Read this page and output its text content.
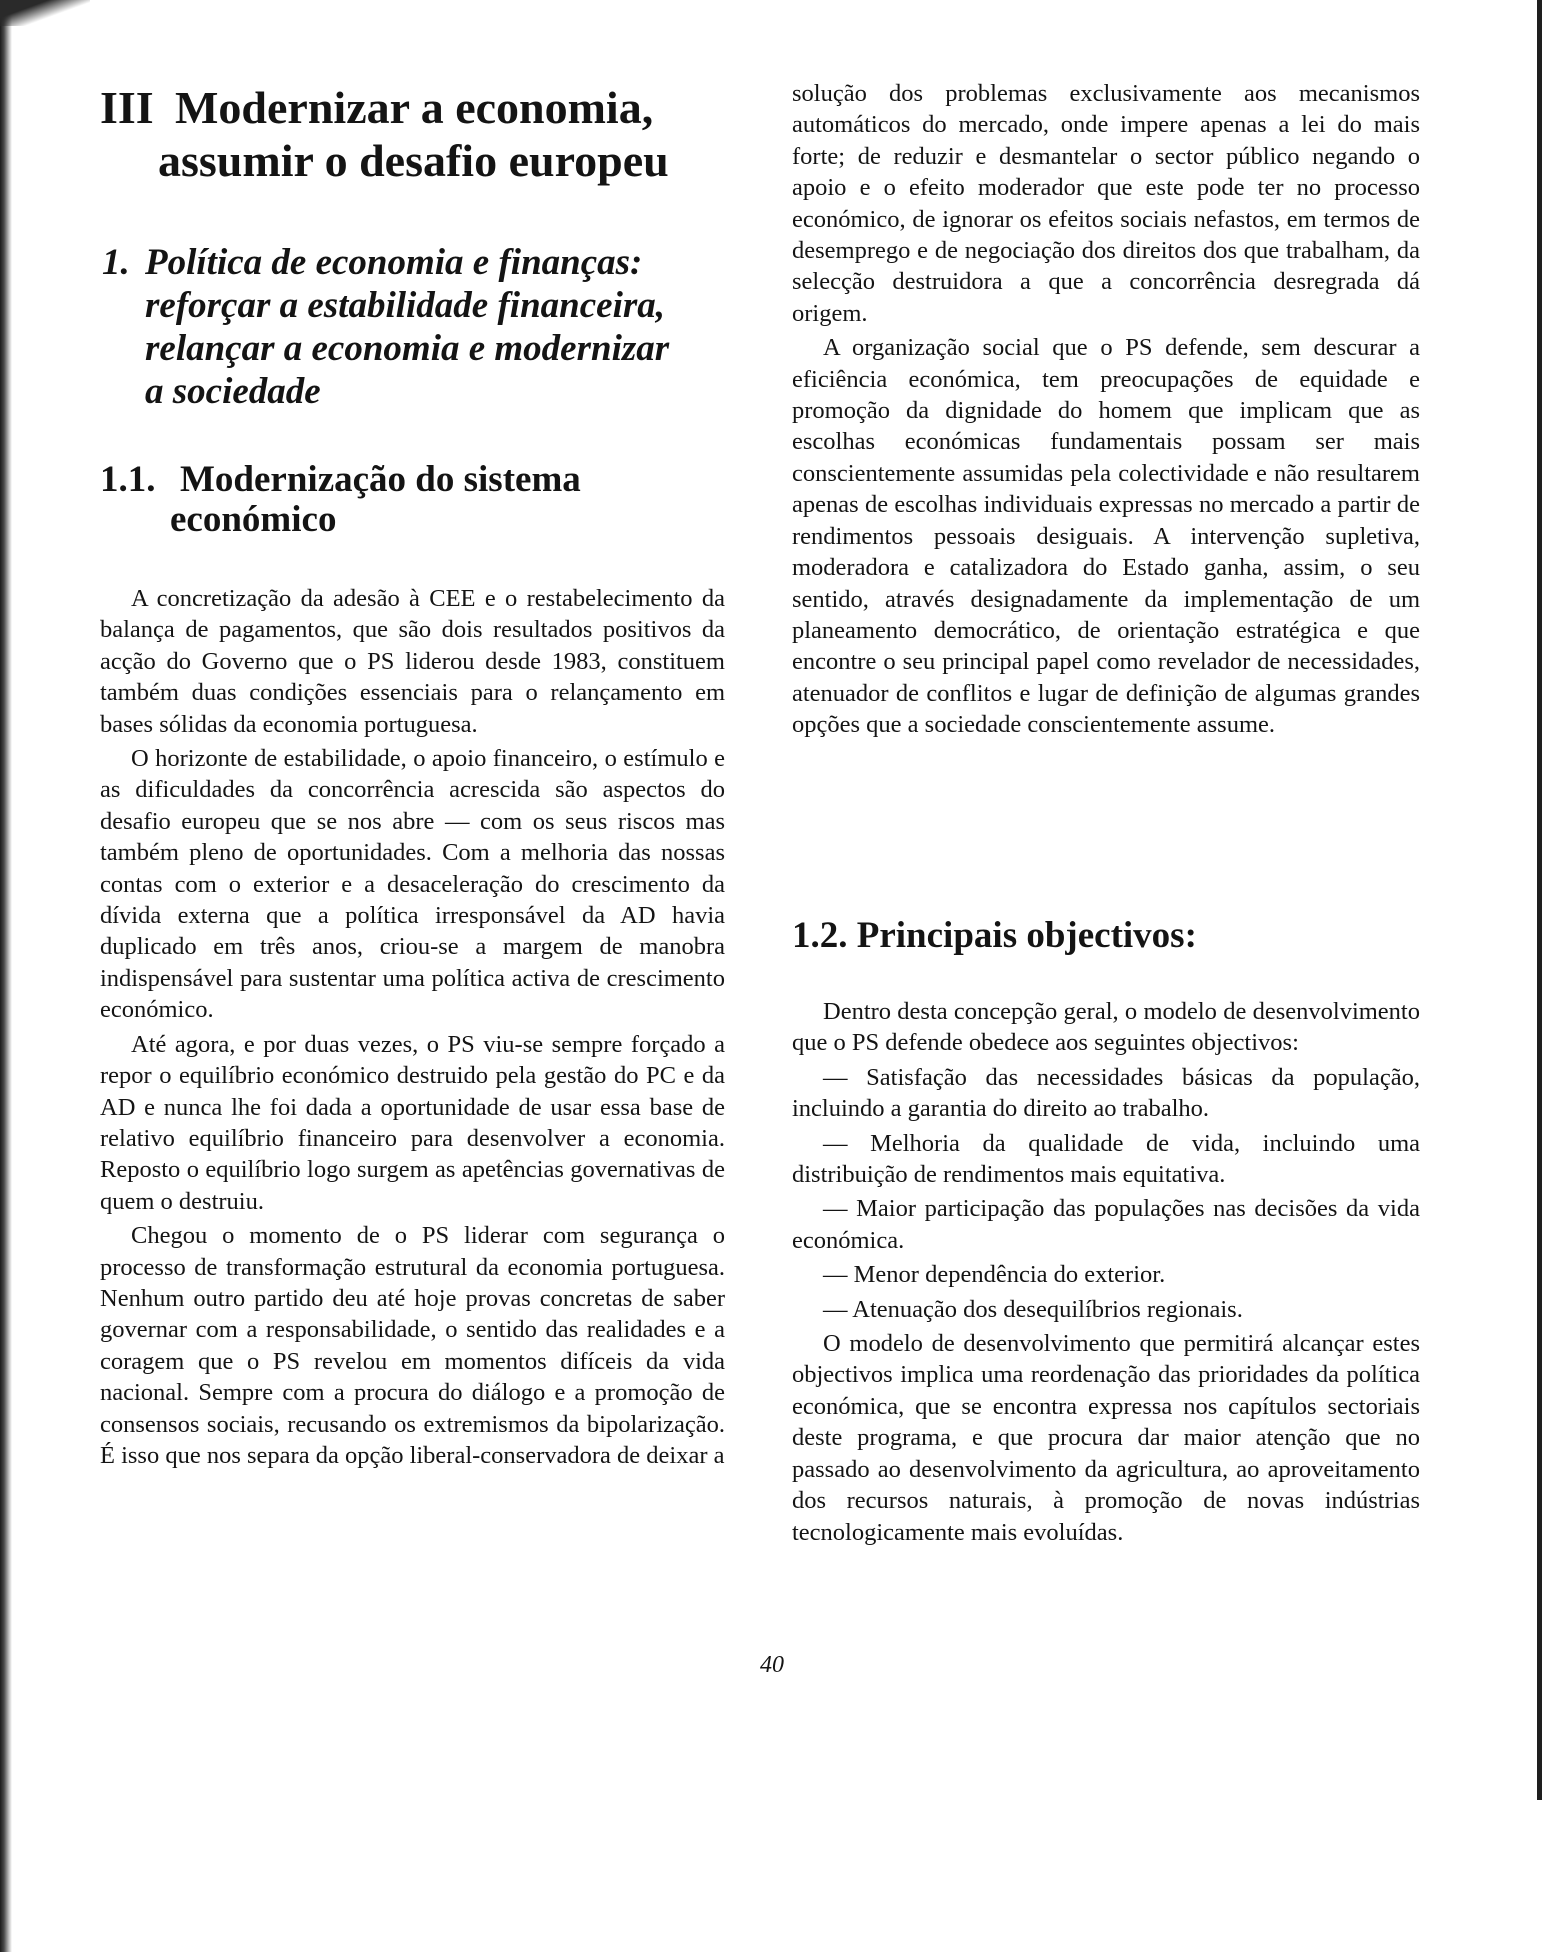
III Modernizar a economia,
assumir o desafio europeu
1. Política de economia e finanças:
reforçar a estabilidade financeira,
relançar a economia e modernizar
a sociedade
1.1. Modernização do sistema
económico

A concretização da adesão à CEE e o restabelecimento da balança de pagamentos, que são dois resultados positivos da acção do Governo que o PS liderou desde 1983, constituem também duas condições essenciais para o relançamento em bases sólidas da economia portuguesa.

O horizonte de estabilidade, o apoio financeiro, o estímulo e as dificuldades da concorrência acrescida são aspectos do desafio europeu que se nos abre — com os seus riscos mas também pleno de oportunidades. Com a melhoria das nossas contas com o exterior e a desaceleração do crescimento da dívida externa que a política irresponsável da AD havia duplicado em três anos, criou-se a margem de manobra indispensável para sustentar uma política activa de crescimento económico.

Até agora, e por duas vezes, o PS viu-se sempre forçado a repor o equilíbrio económico destruido pela gestão do PC e da AD e nunca lhe foi dada a oportunidade de usar essa base de relativo equilíbrio financeiro para desenvolver a economia. Reposto o equilíbrio logo surgem as apetências governativas de quem o destruiu.

Chegou o momento de o PS liderar com segurança o processo de transformação estrutural da economia portuguesa. Nenhum outro partido deu até hoje provas concretas de saber governar com a responsabilidade, o sentido das realidades e a coragem que o PS revelou em momentos difíceis da vida nacional. Sempre com a procura do diálogo e a promoção de consensos sociais, recusando os extremismos da bipolarização. É isso que nos separa da opção liberal-conservadora de deixar a

solução dos problemas exclusivamente aos mecanismos automáticos do mercado, onde impere apenas a lei do mais forte; de reduzir e desmantelar o sector público negando o apoio e o efeito moderador que este pode ter no processo económico, de ignorar os efeitos sociais nefastos, em termos de desemprego e de negociação dos direitos dos que trabalham, da selecção destruidora a que a concorrência desregrada dá origem.

A organização social que o PS defende, sem descurar a eficiência económica, tem preocupações de equidade e promoção da dignidade do homem que implicam que as escolhas económicas fundamentais possam ser mais conscientemente assumidas pela colectividade e não resultarem apenas de escolhas individuais expressas no mercado a partir de rendimentos pessoais desiguais. A intervenção supletiva, moderadora e catalizadora do Estado ganha, assim, o seu sentido, através designadamente da implementação de um planeamento democrático, de orientação estratégica e que encontre o seu principal papel como revelador de necessidades, atenuador de conflitos e lugar de definição de algumas grandes opções que a sociedade conscientemente assume.

1.2. Principais objectivos:

Dentro desta concepção geral, o modelo de desenvolvimento que o PS defende obedece aos seguintes objectivos:

— Satisfação das necessidades básicas da população, incluindo a garantia do direito ao trabalho.

— Melhoria da qualidade de vida, incluindo uma distribuição de rendimentos mais equitativa.

— Maior participação das populações nas decisões da vida económica.

— Menor dependência do exterior.

— Atenuação dos desequilíbrios regionais.

O modelo de desenvolvimento que permitirá alcançar estes objectivos implica uma reordenação das prioridades da política económica, que se encontra expressa nos capítulos sectoriais deste programa, e que procura dar maior atenção que no passado ao desenvolvimento da agricultura, ao aproveitamento dos recursos naturais, à promoção de novas indústrias tecnologicamente mais evoluídas.

40
